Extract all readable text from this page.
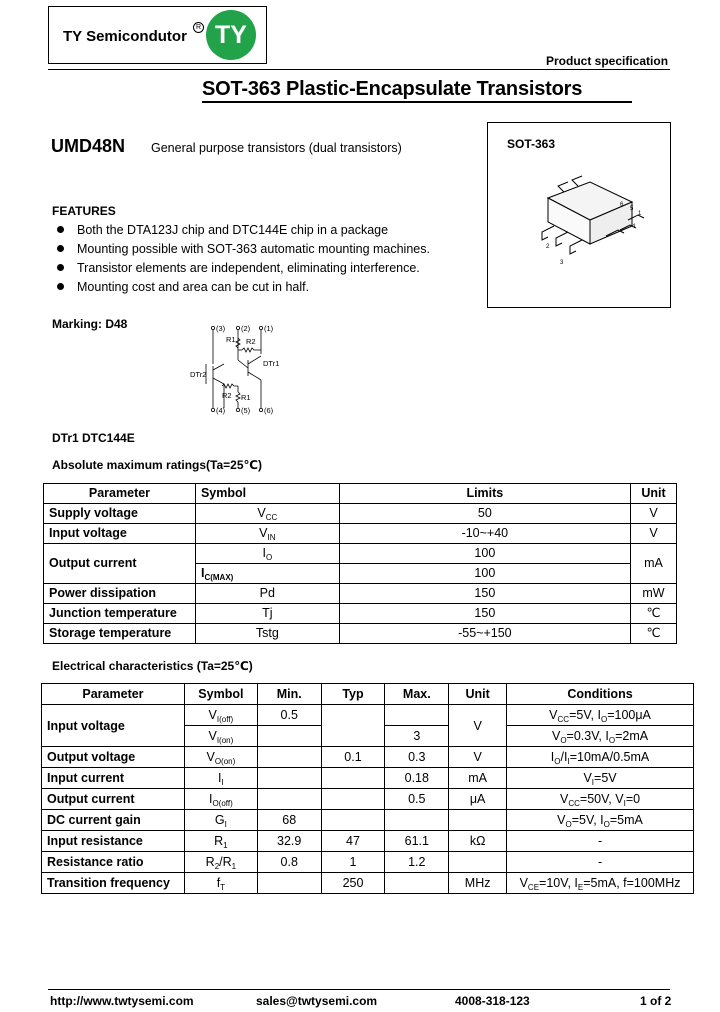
TY Semicondutor
R TY
Product specification
SOT-363 Plastic-Encapsulate Transistors
UMD48N General purpose transistors (dual transistors)	SOT-363
6
5
1
2
3
4
FEATURES
Both the DTA123J chip and DTC144E chip in a package
Mounting possible with SOT-363 automatic mounting machines.
Transistor elements are independent, eliminating interference.
Mounting cost and area can be cut in half.
Marking: D48	(3) (2) (1)
R1 R2
DTr1
DTr2
R2 R1
(4) (5) (6)
DTr1 DTC144E
Absolute maximum ratings(Ta=25℃)
Parameter	Symbol	Limits	Unit
Supply voltage	$V_{CC}$	50	V
Input voltage	$V_{IN}$	-10~+40	V
Output current	$I_O$	100	mA
	$I_{C(MAX)}$	100	
Power dissipation	Pd	150	mW
Junction temperature	Tj	150	℃
Storage temperature	Tstg	-55~+150	℃
Electrical characteristics (Ta=25℃)
Parameter	Symbol	Min.	Typ	Max.	Unit	Conditions
Input voltage	$V_{I(off)}$	0.5			V	$V_{CC}=5V$, $I_O=100\mu A$
	$V_{I(on)}$			3		$V_O=0.3V$, $I_O=2mA$
Output voltage	$V_{O(on)}$		0.1	0.3	V	$I_O/I_I=10mA/0.5mA$
Input current	$I_I$			0.18	mA	$V_I=5V$
Output current	$I_{O(off)}$			0.5	μA	$V_{CC}=50V$, $V_I=0$
DC current gain	$G_I$	68				$V_O=5V$, $I_O=5mA$
Input resistance	$R_1$	32.9	47	61.1	kΩ	-
Resistance ratio	$R_2/R_1$	0.8	1	1.2		-
Transition frequency	$f_T$		250		MHz	$V_{CE}=10V$, $I_E=5mA$, f=100MHz
http://www.twtysemi.com	sales@twtysemi.com	4008-318-123	1 of 2
